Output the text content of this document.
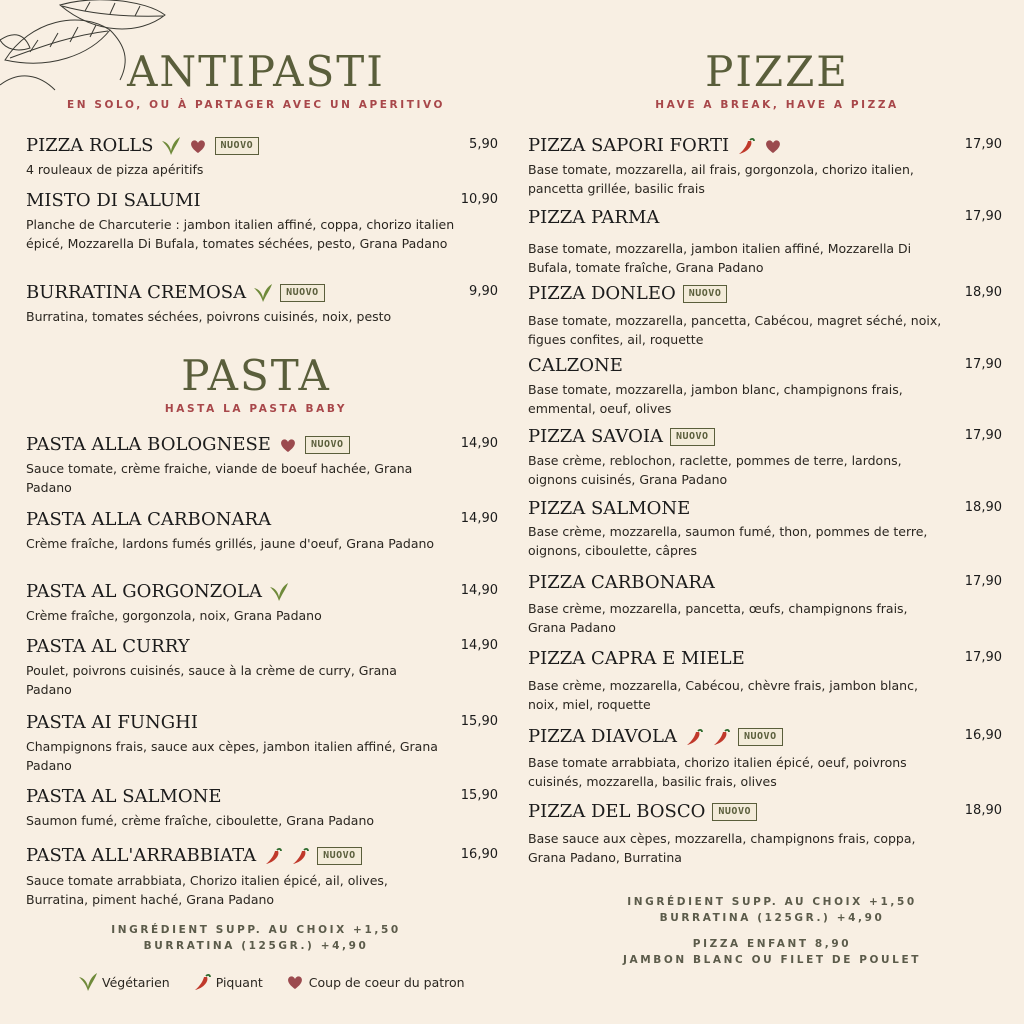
ANTIPASTI
EN SOLO, OU À PARTAGER AVEC UN APERITIVO
PIZZA ROLLS	NUOVO	5,90
4 rouleaux de pizza apéritifs
MISTO DI SALUMI	10,90
Planche de Charcuterie : jambon italien affiné, coppa, chorizo italien épicé, Mozzarella Di Bufala, tomates séchées, pesto, Grana Padano
BURRATINA CREMOSA	NUOVO	9,90
Burratina, tomates séchées, poivrons cuisinés, noix, pesto
PASTA
HASTA LA PASTA BABY
PASTA ALLA BOLOGNESE	NUOVO	14,90
Sauce tomate, crème fraiche, viande de boeuf hachée, Grana Padano
PASTA ALLA CARBONARA	14,90
Crème fraîche, lardons fumés grillés, jaune d'oeuf, Grana Padano
PASTA AL GORGONZOLA	14,90
Crème fraîche, gorgonzola, noix, Grana Padano
PASTA AL CURRY	14,90
Poulet, poivrons cuisinés, sauce à la crème de curry, Grana Padano
PASTA AI FUNGHI	15,90
Champignons frais, sauce aux cèpes, jambon italien affiné, Grana Padano
PASTA AL SALMONE	15,90
Saumon fumé, crème fraîche, ciboulette, Grana Padano
PASTA ALL'ARRABBIATA	NUOVO	16,90
Sauce tomate arrabbiata, Chorizo italien épicé, ail, olives, Burratina, piment haché, Grana Padano
INGRÉDIENT SUPP. AU CHOIX +1,50
BURRATINA (125GR.) +4,90
Végétarien	Piquant	Coup de coeur du patron
PIZZE
HAVE A BREAK, HAVE A PIZZA
PIZZA SAPORI FORTI	17,90
Base tomate, mozzarella, ail frais, gorgonzola, chorizo italien, pancetta grillée, basilic frais
PIZZA PARMA	17,90
Base tomate, mozzarella, jambon italien affiné, Mozzarella Di Bufala, tomate fraîche, Grana Padano
PIZZA DONLEO	NUOVO	18,90
Base tomate, mozzarella, pancetta, Cabécou, magret séché, noix, figues confites, ail, roquette
CALZONE	17,90
Base tomate, mozzarella, jambon blanc, champignons frais, emmental, oeuf, olives
PIZZA SAVOIA	NUOVO	17,90
Base crème, reblochon, raclette, pommes de terre, lardons, oignons cuisinés, Grana Padano
PIZZA SALMONE	18,90
Base crème, mozzarella, saumon fumé, thon, pommes de terre, oignons, ciboulette, câpres
PIZZA CARBONARA	17,90
Base crème, mozzarella, pancetta, œufs, champignons frais, Grana Padano
PIZZA CAPRA E MIELE	17,90
Base crème, mozzarella, Cabécou, chèvre frais, jambon blanc, noix, miel, roquette
PIZZA DIAVOLA	NUOVO	16,90
Base tomate arrabbiata, chorizo italien épicé, oeuf, poivrons cuisinés, mozzarella, basilic frais, olives
PIZZA DEL BOSCO	NUOVO	18,90
Base sauce aux cèpes, mozzarella, champignons frais, coppa, Grana Padano, Burratina
INGRÉDIENT SUPP. AU CHOIX +1,50
BURRATINA (125GR.) +4,90
PIZZA ENFANT 8,90
JAMBON BLANC OU FILET DE POULET
